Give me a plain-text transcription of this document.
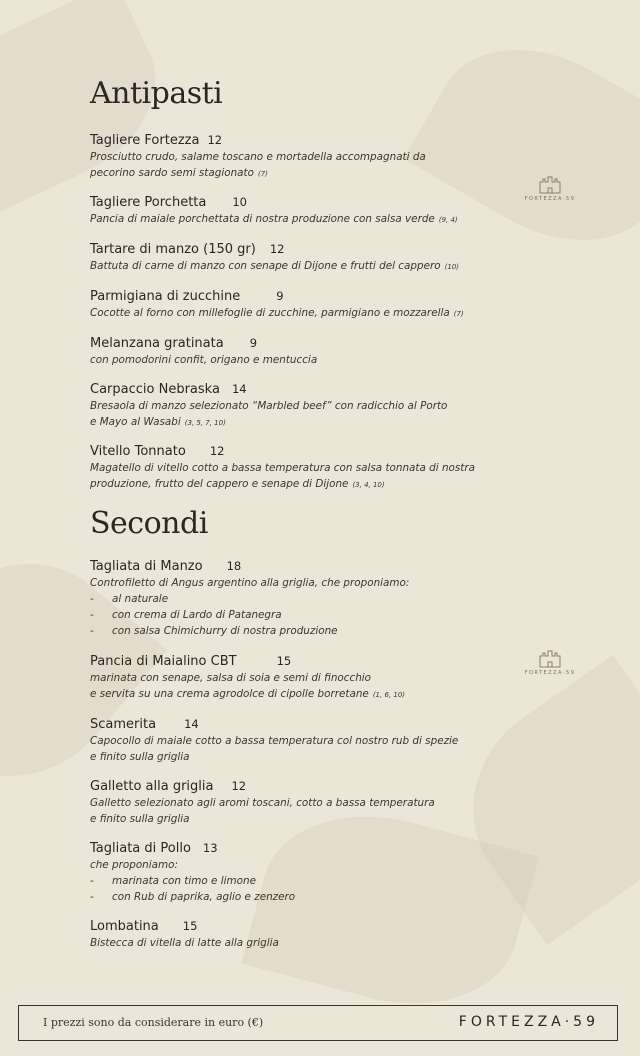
Antipasti
Tagliere Fortezza 12

Prosciutto crudo, salame toscano e mortadella accompagnati da

pecorino sardo semi stagionato (7)

Tagliere Porchetta 10

Pancia di maiale porchettata di nostra produzione con salsa verde (9, 4)

Tartare di manzo (150 gr) 12

Battuta di carne di manzo con senape di Dijone e frutti del cappero (10)

Parmigiana di zucchine	9

Cocotte al forno con millefoglie di zucchine, parmigiano e mozzarella (7)

Melanzana gratinata 9

con pomodorini confit, origano e mentuccia

Carpaccio Nebraska 14

Bresaola di manzo selezionato “Marbled beef” con radicchio al Porto

e Mayo al Wasabi (3, 5, 7, 10)

Vitello Tonnato 12

Magatello di vitello cotto a bassa temperatura con salsa tonnata di nostra

produzione, frutto del cappero e senape di Dijone (3, 4, 10)

Secondi
Tagliata di Manzo 18

Controfiletto di Angus argentino alla griglia, che proponiamo:

- al naturale
- con crema di Lardo di Patanegra
- con salsa Chimichurry di nostra produzione
Pancia di Maialino CBT	15

marinata con senape, salsa di soia e semi di finocchio

e servita su una crema agrodolce di cipolle borretane (1, 6, 10)

Scamerita 14

Capocollo di maiale cotto a bassa temperatura col nostro rub di spezie

e finito sulla griglia

Galletto alla griglia 12

Galletto selezionato agli aromi toscani, cotto a bassa temperatura

e finito sulla griglia

Tagliata di Pollo 13

che proponiamo:

- marinata con timo e limone
- con Rub di paprika, aglio e zenzero
Lombatina 15

Bistecca di vitella di latte alla griglia

FORTEZZA·59
FORTEZZA·59
I prezzi sono da considerare in euro (€)	FORTEZZA·59
